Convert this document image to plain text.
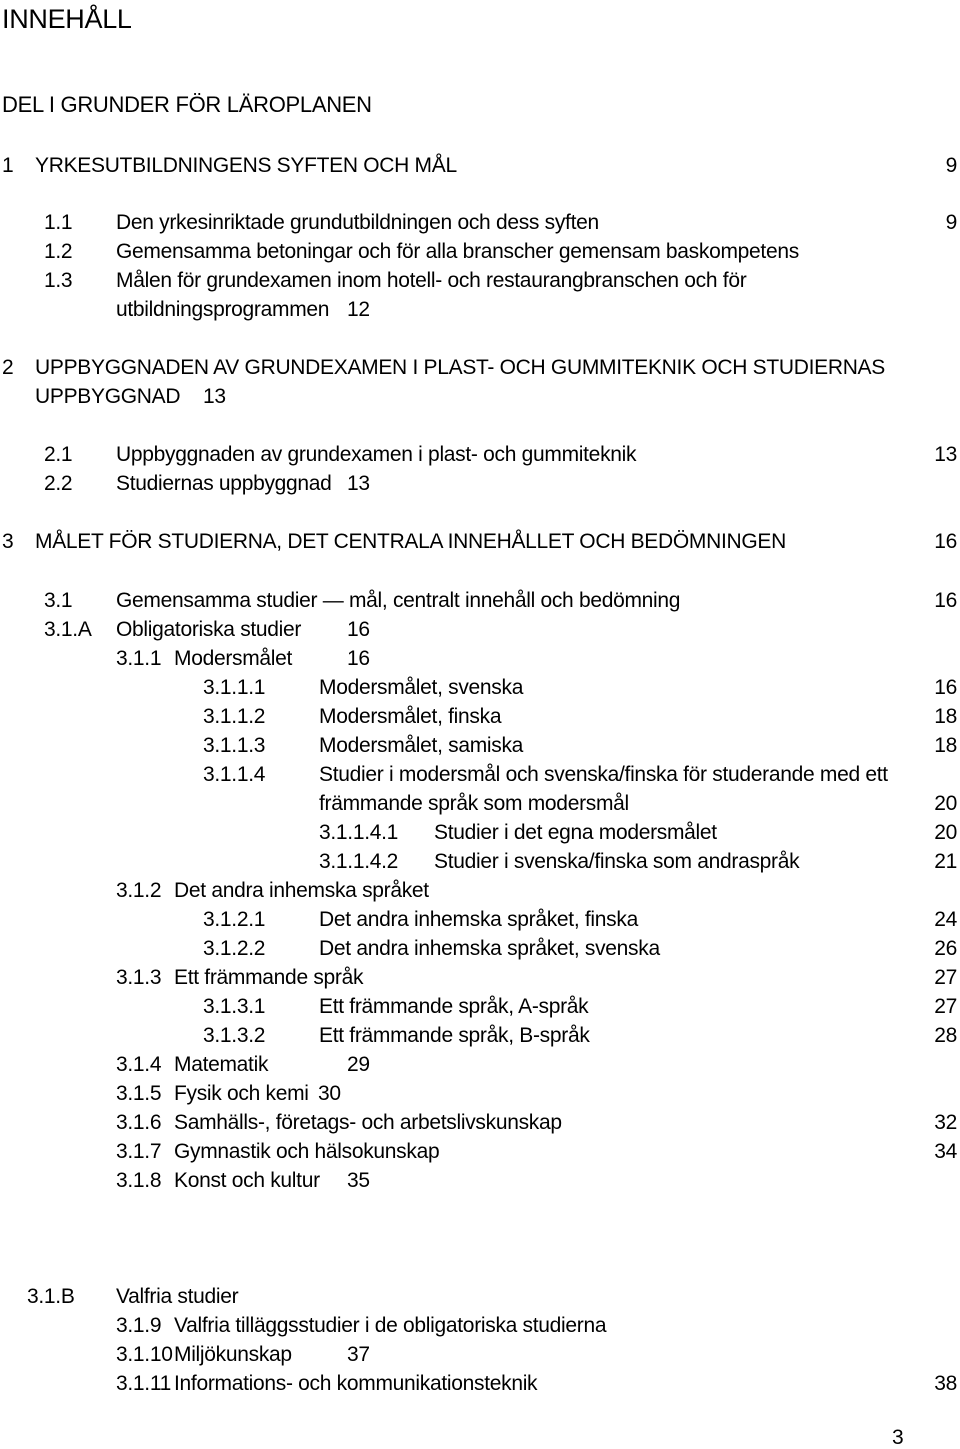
INNEHÅLL
DEL I GRUNDER FÖR LÄROPLANEN
1 YRKESUTBILDNINGENS SYFTEN OCH MÅL	9
1.1 Den yrkesinriktade grundutbildningen och dess syften	9
1.2 Gemensamma betoningar och för alla branscher gemensam baskompetens
1.3 Målen för grundexamen inom hotell- och restaurangbranschen och för
utbildningsprogrammen 12
2 UPPBYGGNADEN AV GRUNDEXAMEN I PLAST- OCH GUMMITEKNIK OCH STUDIERNAS
UPPBYGGNAD 13
2.1 Uppbyggnaden av grundexamen i plast- och gummiteknik	13
2.2 Studiernas uppbyggnad 13
3 MÅLET FÖR STUDIERNA, DET CENTRALA INNEHÅLLET OCH BEDÖMNINGEN	16
3.1 Gemensamma studier — mål, centralt innehåll och bedömning	16
3.1.A Obligatoriska studier 16
3.1.1 Modersmålet	16
3.1.1.1	Modersmålet, svenska	16
3.1.1.2	Modersmålet, finska	18
3.1.1.3	Modersmålet, samiska	18
3.1.1.4	Studier i modersmål och svenska/finska för studerande med ett
främmande språk som modersmål	20
3.1.1.4.1 Studier i det egna modersmålet	20
3.1.1.4.2 Studier i svenska/finska som andraspråk	21
3.1.2 Det andra inhemska språket
3.1.2.1	Det andra inhemska språket, finska	24
3.1.2.2	Det andra inhemska språket, svenska	26
3.1.3 Ett främmande språk	27
3.1.3.1	Ett främmande språk, A-språk	27
3.1.3.2	Ett främmande språk, B-språk	28
3.1.4 Matematik	29
3.1.5 Fysik och kemi 30
3.1.6 Samhälls-, företags- och arbetslivskunskap	32
3.1.7 Gymnastik och hälsokunskap	34
3.1.8 Konst och kultur 35
3.1.B Valfria studier
3.1.9 Valfria tilläggsstudier i de obligatoriska studierna
3.1.10 Miljökunskap	37
3.1.11 Informations- och kommunikationsteknik	38
3
